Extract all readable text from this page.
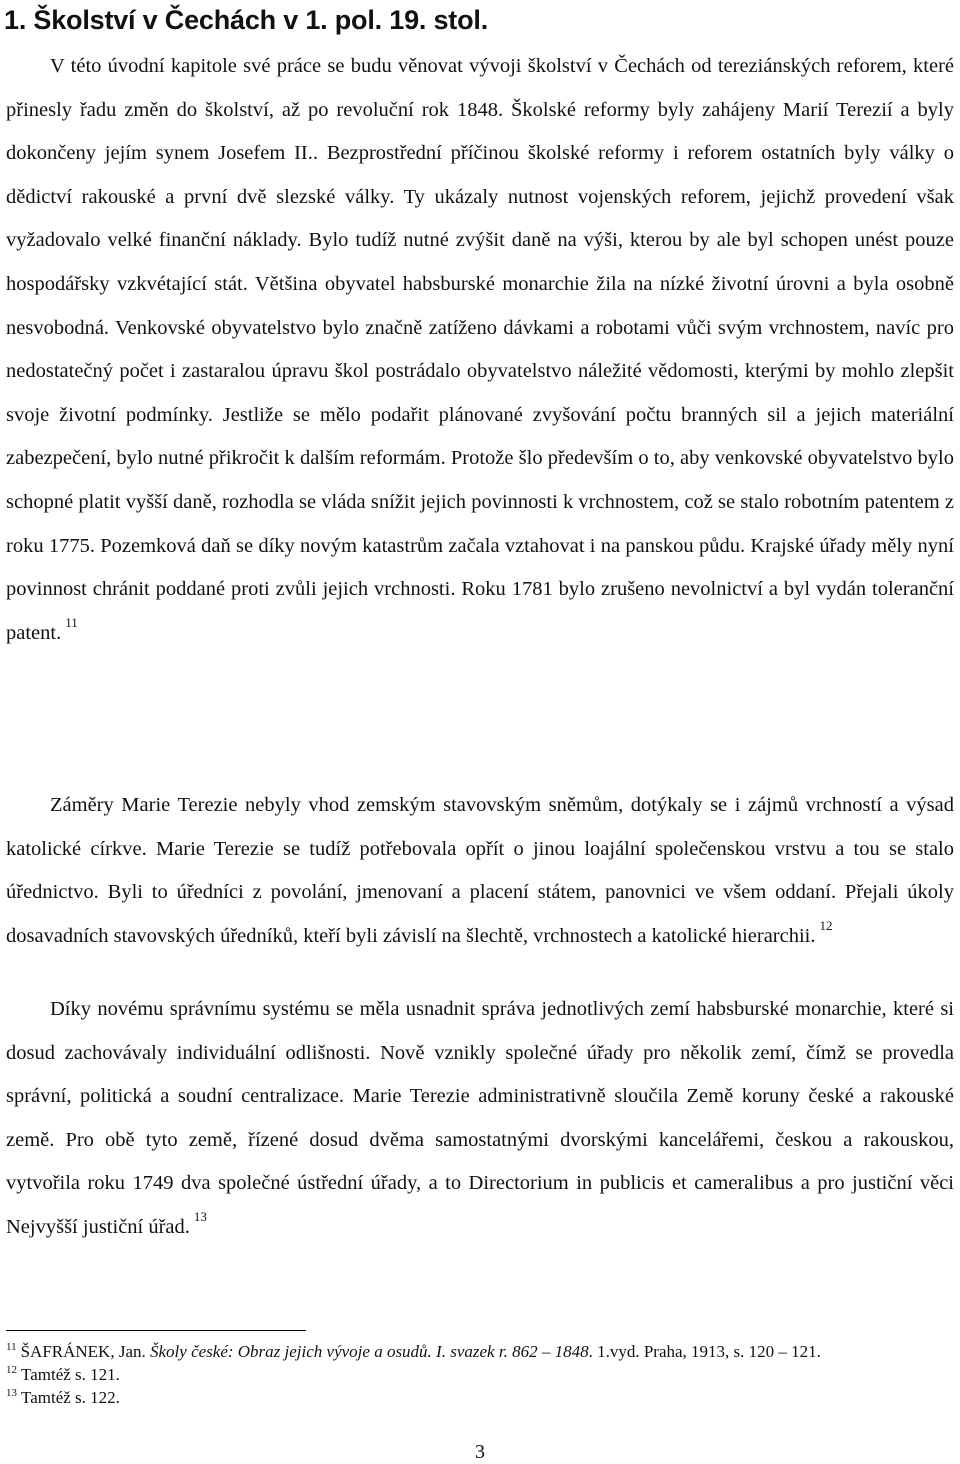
1. Školství v Čechách v 1. pol. 19. stol.

V této úvodní kapitole své práce se budu věnovat vývoji školství v Čechách od tereziánských reforem, které přinesly řadu změn do školství, až po revoluční rok 1848. Školské reformy byly zahájeny Marií Terezií a byly dokončeny jejím synem Josefem II.. Bezprostřední příčinou školské reformy i reforem ostatních byly války o dědictví rakouské a první dvě slezské války. Ty ukázaly nutnost vojenských reforem, jejichž provedení však vyžadovalo velké finanční náklady. Bylo tudíž nutné zvýšit daně na výši, kterou by ale byl schopen unést pouze hospodářsky vzkvétající stát. Většina obyvatel habsburské monarchie žila na nízké životní úrovni a byla osobně nesvobodná. Venkovské obyvatelstvo bylo značně zatíženo dávkami a robotami vůči svým vrchnostem, navíc pro nedostatečný počet i zastaralou úpravu škol postrádalo obyvatelstvo náležité vědomosti, kterými by mohlo zlepšit svoje životní podmínky. Jestliže se mělo podařit plánované zvyšování počtu branných sil a jejich materiální zabezpečení, bylo nutné přikročit k dalším reformám. Protože šlo především o to, aby venkovské obyvatelstvo bylo schopné platit vyšší daně, rozhodla se vláda snížit jejich povinnosti k vrchnostem, což se stalo robotním patentem z roku 1775. Pozemková daň se díky novým katastrům začala vztahovat i na panskou půdu. Krajské úřady měly nyní povinnost chránit poddané proti zvůli jejich vrchnosti. Roku 1781 bylo zrušeno nevolnictví a byl vydán toleranční patent. $^{11}$

Záměry Marie Terezie nebyly vhod zemským stavovským sněmům, dotýkaly se i zájmů vrchností a výsad katolické církve. Marie Terezie se tudíž potřebovala opřít o jinou loajální společenskou vrstvu a tou se stalo úřednictvo. Byli to úředníci z povolání, jmenovaní a placení státem, panovnici ve všem oddaní. Přejali úkoly dosavadních stavovských úředníků, kteří byli závislí na šlechtě, vrchnostech a katolické hierarchii. $^{12}$

Díky novému správnímu systému se měla usnadnit správa jednotlivých zemí habsburské monarchie, které si dosud zachovávaly individuální odlišnosti. Nově vznikly společné úřady pro několik zemí, čímž se provedla správní, politická a soudní centralizace. Marie Terezie administrativně sloučila Země koruny české a rakouské země. Pro obě tyto země, řízené dosud dvěma samostatnými dvorskými kancelářemi, českou a rakouskou, vytvořila roku 1749 dva společné ústřední úřady, a to Directorium in publicis et cameralibus a pro justiční věci Nejvyšší justiční úřad. $^{13}$

$^{11}$ ŠAFRÁNEK, Jan. Školy české: Obraz jejich vývoje a osudů. I. svazek r. 862 – 1848. 1.vyd. Praha, 1913, s. 120 – 121.

$^{12}$ Tamtéž s. 121.

$^{13}$ Tamtéž s. 122.

3
